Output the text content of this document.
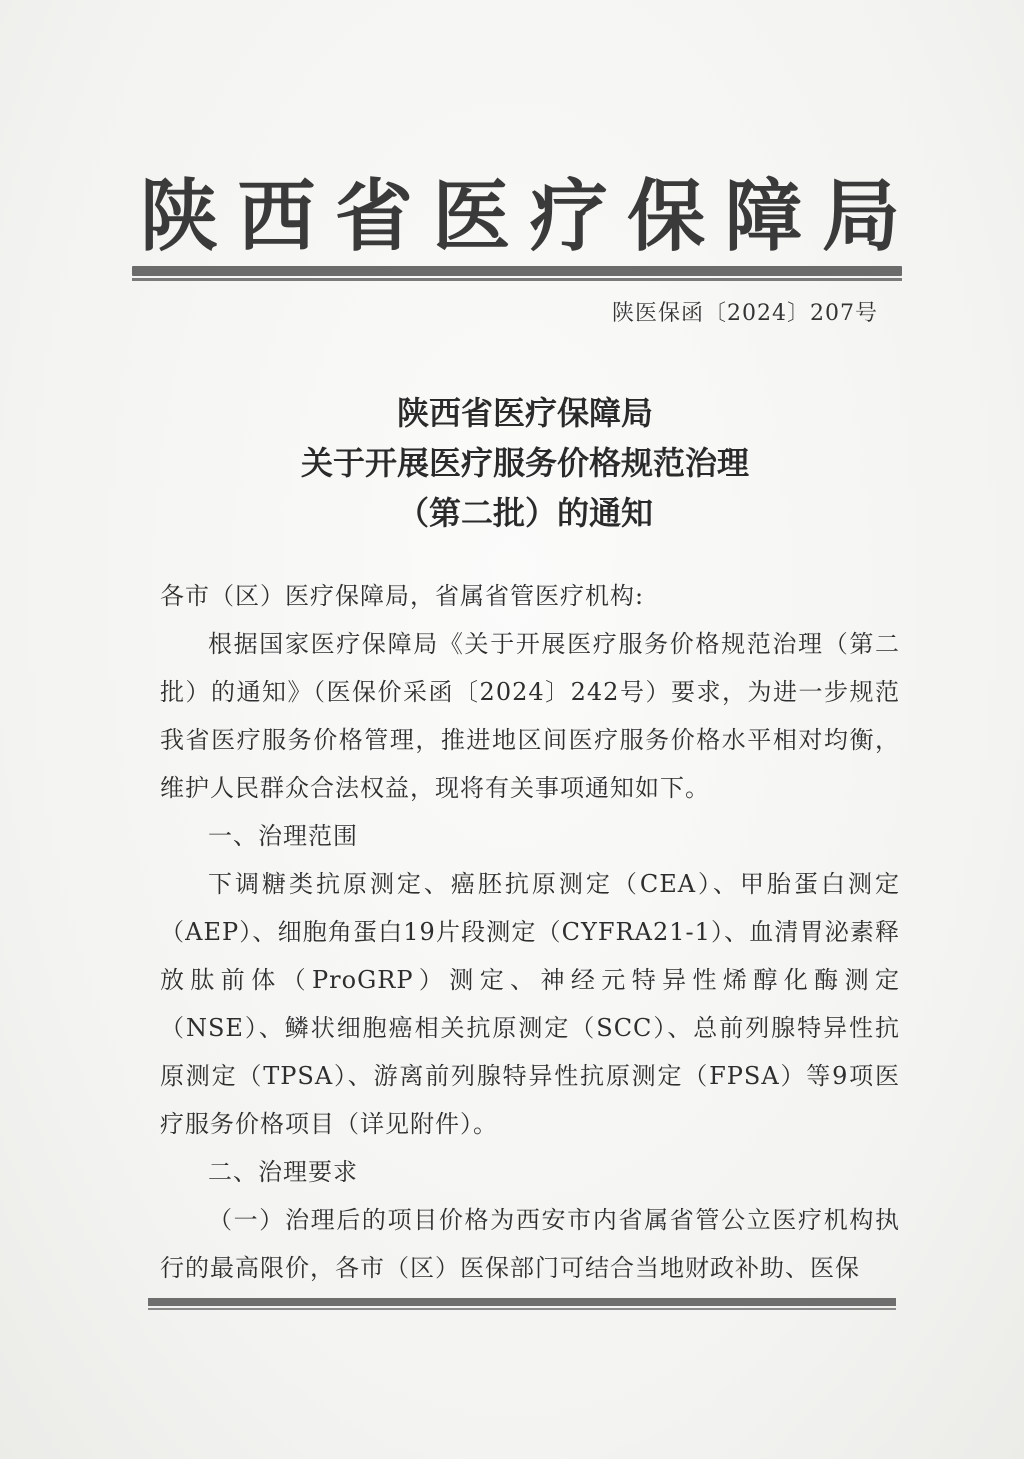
陕 西 省 医 疗 保 障 局
陕医保函〔2024〕207号
陕西省医疗保障局
关于开展医疗服务价格规范治理
（第二批）的通知

各市（区）医疗保障局，省属省管医疗机构:

根据国家医疗保障局《关于开展医疗服务价格规范治理（第二批）的通知》（医保价采函〔2024〕242号）要求，为进一步规范我省医疗服务价格管理，推进地区间医疗服务价格水平相对均衡，维护人民群众合法权益，现将有关事项通知如下。

一、治理范围

下调糖类抗原测定、癌胚抗原测定（CEA）、甲胎蛋白测定（AEP）、细胞角蛋白19片段测定（CYFRA21-1）、血清胃泌素释放肽前体（ProGRP）测定、神经元特异性烯醇化酶测定（NSE）、鳞状细胞癌相关抗原测定（SCC）、总前列腺特异性抗原测定（TPSA）、游离前列腺特异性抗原测定（FPSA）等9项医疗服务价格项目（详见附件）。

二、治理要求

（一）治理后的项目价格为西安市内省属省管公立医疗机构执行的最高限价，各市（区）医保部门可结合当地财政补助、医保
